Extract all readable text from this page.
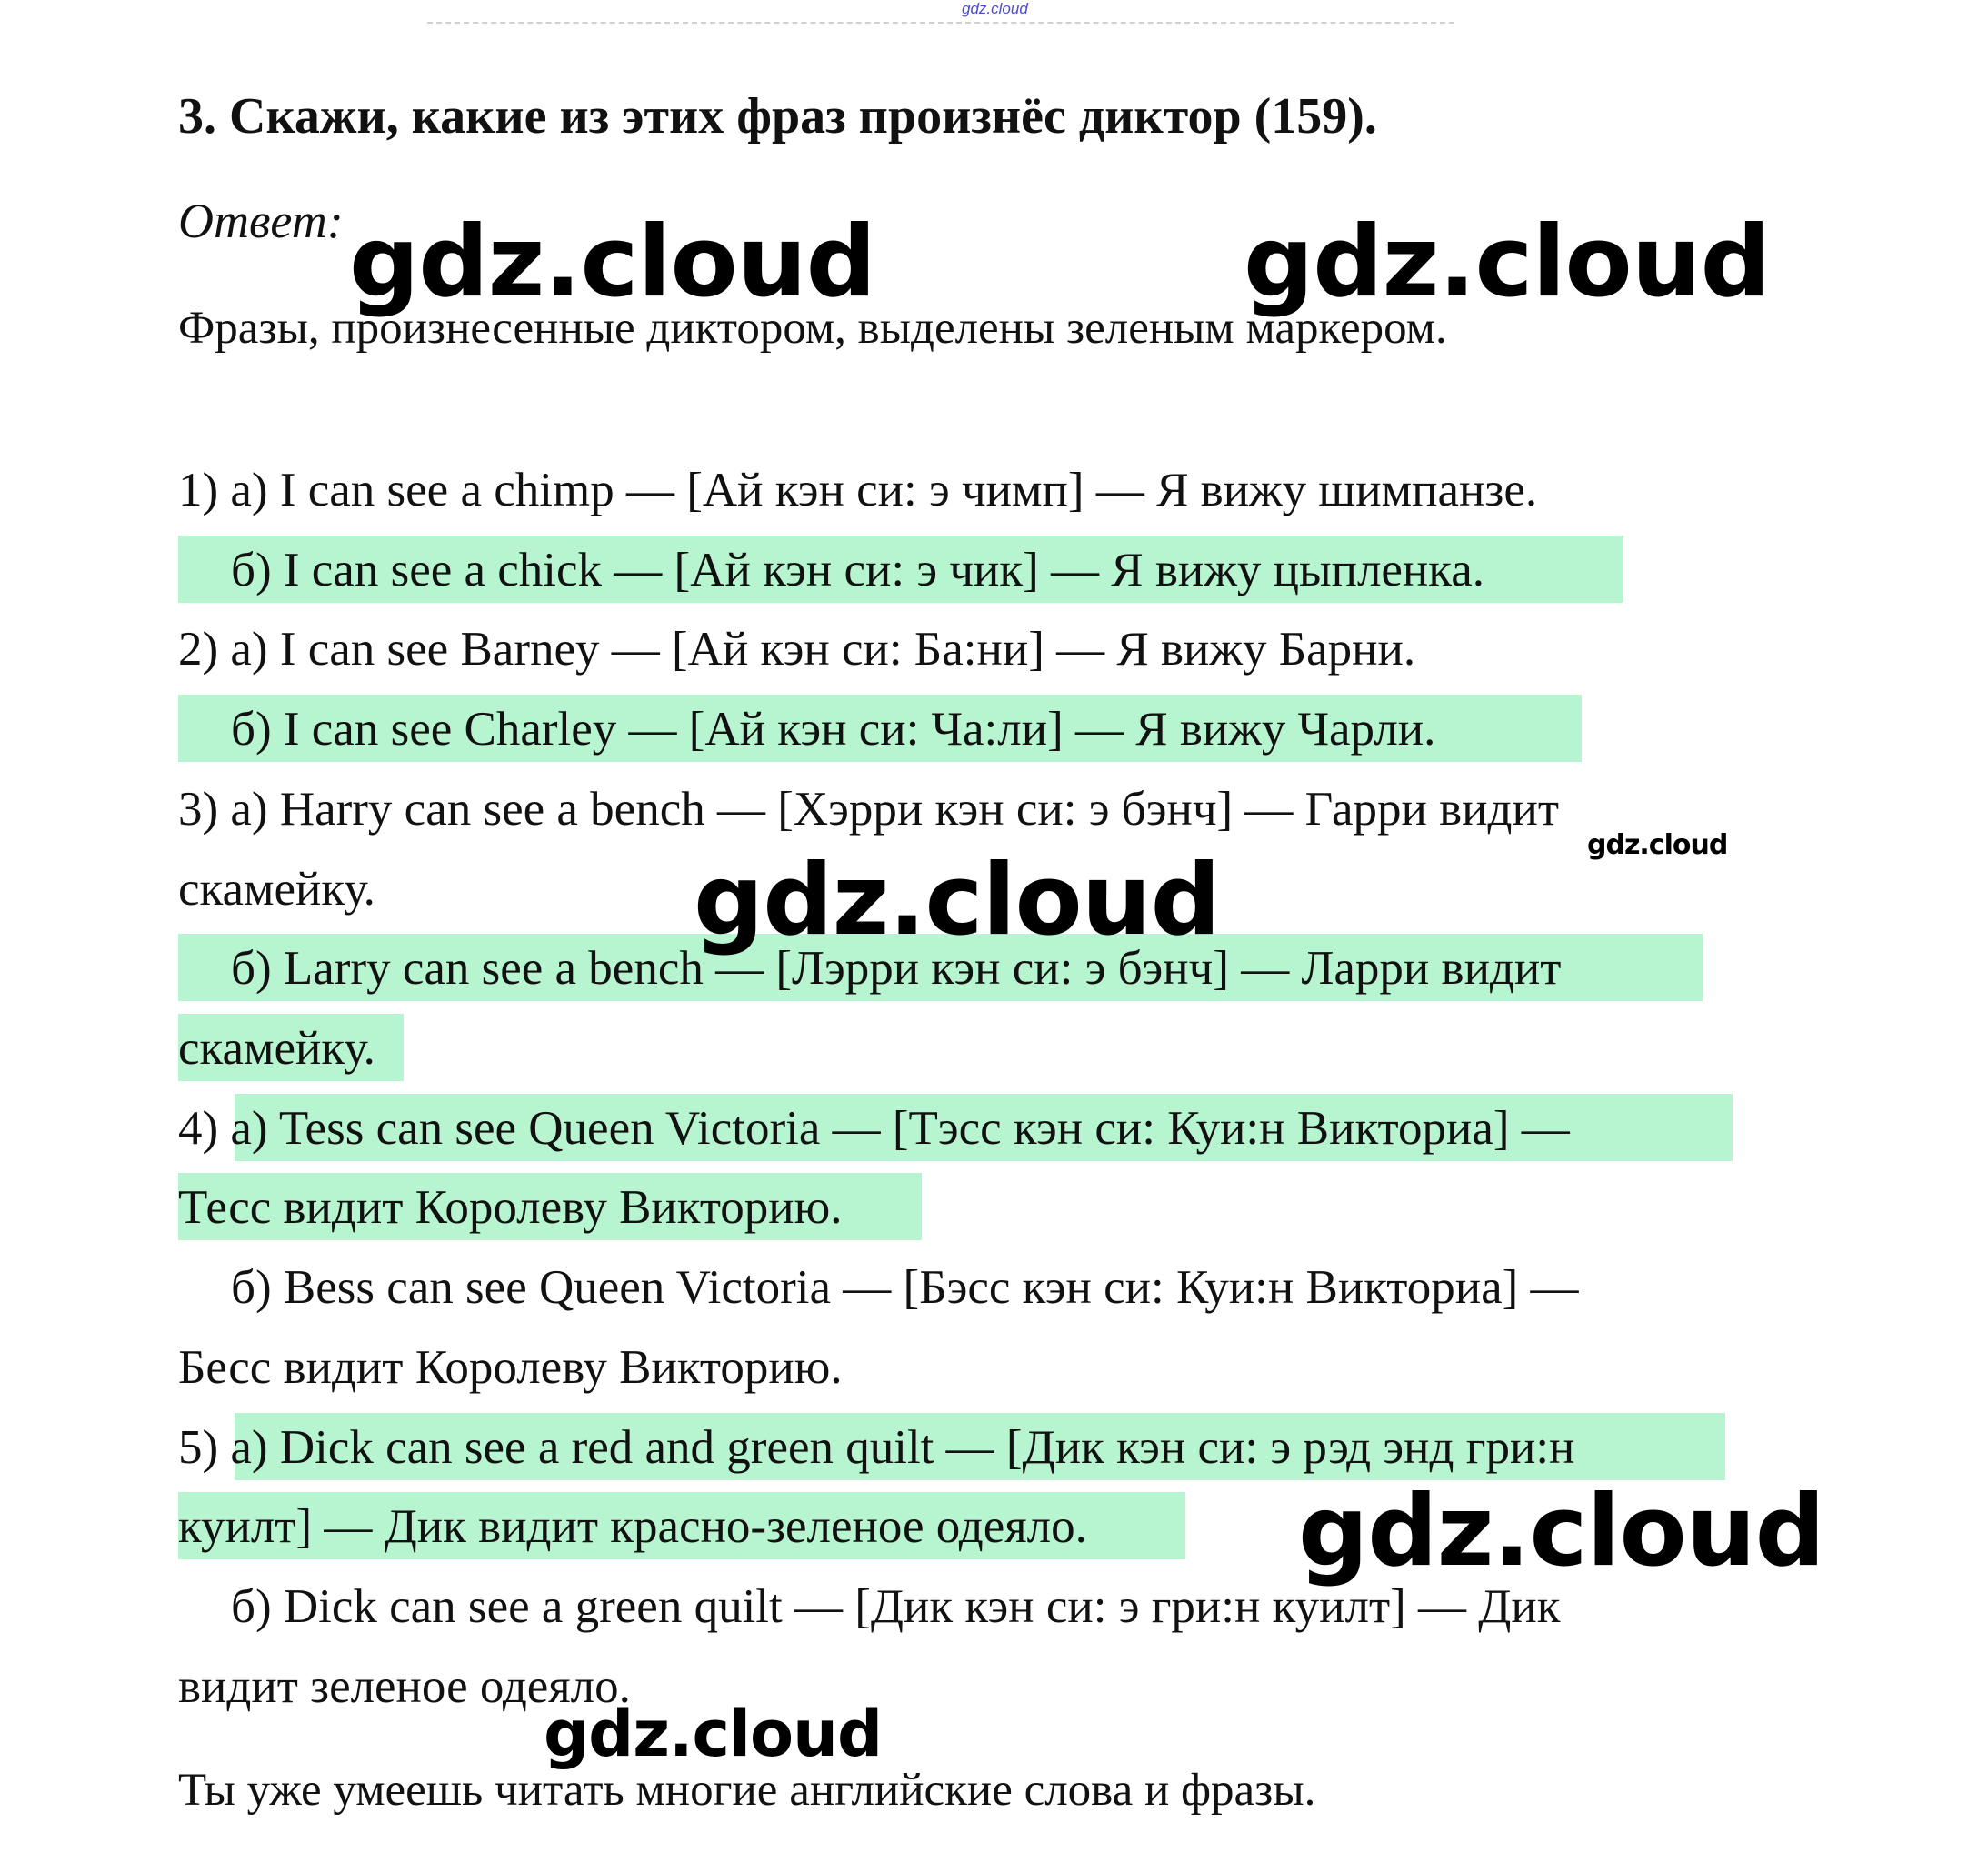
gdz.cloud
3. Скажи, какие из этих фраз произнёс диктор (159).
Ответ:
Фразы, произнесенные диктором, выделены зеленым маркером.
1) a) I can see a chimp — [Ай кэн си: э чимп] — Я вижу шимпанзе.
б) I can see a chick — [Ай кэн си: э чик] — Я вижу цыпленка.
2) a) I can see Barney — [Ай кэн си: Ба:ни] — Я вижу Барни.
б) I can see Charley — [Ай кэн си: Ча:ли] — Я вижу Чарли.
3) a) Harry can see a bench — [Хэрри кэн си: э бэнч] — Гарри видит
скамейку.
б) Larry can see a bench — [Лэрри кэн си: э бэнч] — Ларри видит
скамейку.
4) a) Tess can see Queen Victoria — [Тэсс кэн си: Куи:н Викториа] —
Тесс видит Королеву Викторию.
б) Bess can see Queen Victoria — [Бэсс кэн си: Куи:н Викториа] —
Бесс видит Королеву Викторию.
5) a) Dick can see a red and green quilt — [Дик кэн си: э рэд энд гри:н
куилт] — Дик видит красно-зеленое одеяло.
б) Dick can see a green quilt — [Дик кэн си: э гри:н куилт] — Дик
видит зеленое одеяло.
Ты уже умеешь читать многие английские слова и фразы.
gdz.cloud	gdz.cloud
gdz.cloud
gdz.cloud
gdz.cloud
gdz.cloud
